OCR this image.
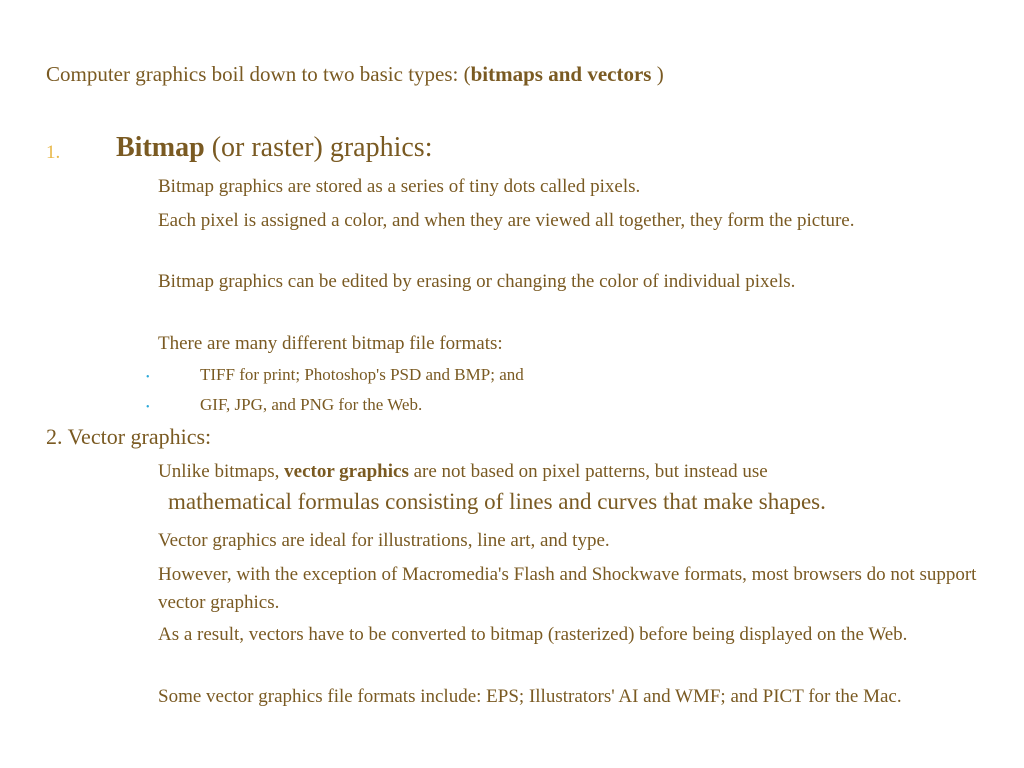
Computer graphics boil down to two basic types: (bitmaps and vectors )
1. Bitmap (or raster) graphics:
Bitmap graphics are stored as a series of tiny dots called pixels.
Each pixel is assigned a color, and when they are viewed all together, they form the picture.
Bitmap graphics can be edited by erasing or changing the color of individual pixels.
There are many different bitmap file formats:
•	TIFF for print; Photoshop's PSD and BMP; and
•	GIF, JPG, and PNG for the Web.
2. Vector graphics:
Unlike bitmaps, vector graphics are not based on pixel patterns, but instead use
mathematical formulas consisting of lines and curves that make shapes.
Vector graphics are ideal for illustrations, line art, and type.
However, with the exception of Macromedia's Flash and Shockwave formats, most browsers do not support vector graphics.
As a result, vectors have to be converted to bitmap (rasterized) before being displayed on the Web.
Some vector graphics file formats include: EPS; Illustrators' AI and WMF; and PICT for the Mac.
